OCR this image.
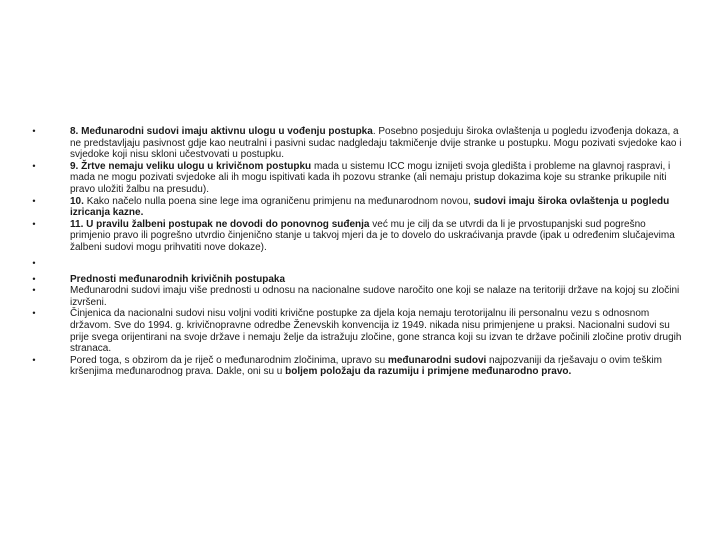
•	8. Međunarodni sudovi imaju aktivnu ulogu u vođenju postupka. Posebno posjeduju široka ovlaštenja u pogledu izvođenja dokaza, a ne predstavljaju pasivnost gdje kao neutralni i pasivni sudac nadgledaju takmičenje dvije stranke u postupku. Mogu pozivati svjedoke kao i svjedoke koji nisu skloni učestvovati u postupku.
•	9. Žrtve nemaju veliku ulogu u krivičnom postupku mada u sistemu ICC mogu iznijeti svoja gledišta i probleme na glavnoj raspravi, i mada ne mogu pozivati svjedoke ali ih mogu ispitivati kada ih pozovu stranke (ali nemaju pristup dokazima koje su stranke prikupile niti pravo uložiti žalbu na presudu).
•	10. Kako načelo nulla poena sine lege ima ograničenu primjenu na međunarodnom novou, sudovi imaju široka ovlaštenja u pogledu izricanja kazne.
•	11. U pravilu žalbeni postupak ne dovodi do ponovnog suđenja već mu je cilj da se utvrdi da li je prvostupanjski sud pogrešno primjenio pravo ili pogrešno utvrdio činjenično stanje u takvoj mjeri da je to dovelo do uskraćivanja pravde (ipak u određenim slučajevima žalbeni sudovi mogu prihvatiti nove dokaze).
•
•	Prednosti međunarodnih krivičnih postupaka
•	Međunarodni sudovi imaju više prednosti u odnosu na nacionalne sudove naročito one koji se nalaze na teritoriji države na kojoj su zločini izvršeni.
•	Činjenica da nacionalni sudovi nisu voljni voditi krivične postupke za djela koja nemaju terotorijalnu ili personalnu vezu s odnosnom državom. Sve do 1994. g. krivičnopravne odredbe Ženevskih konvencija iz 1949. nikada nisu primjenjene u praksi. Nacionalni sudovi su prije svega orijentirani na svoje države i nemaju želje da istražuju zločine, gone stranca koji su izvan te države počinili zločine protiv drugih stranaca.
•	Pored toga, s obzirom da je riječ o međunarodnim zločinima, upravo su međunarodni sudovi najpozvaniji da rješavaju o ovim teškim kršenjima međunarodnog prava. Dakle, oni su u boljem položaju da razumiju i primjene međunarodno pravo.
